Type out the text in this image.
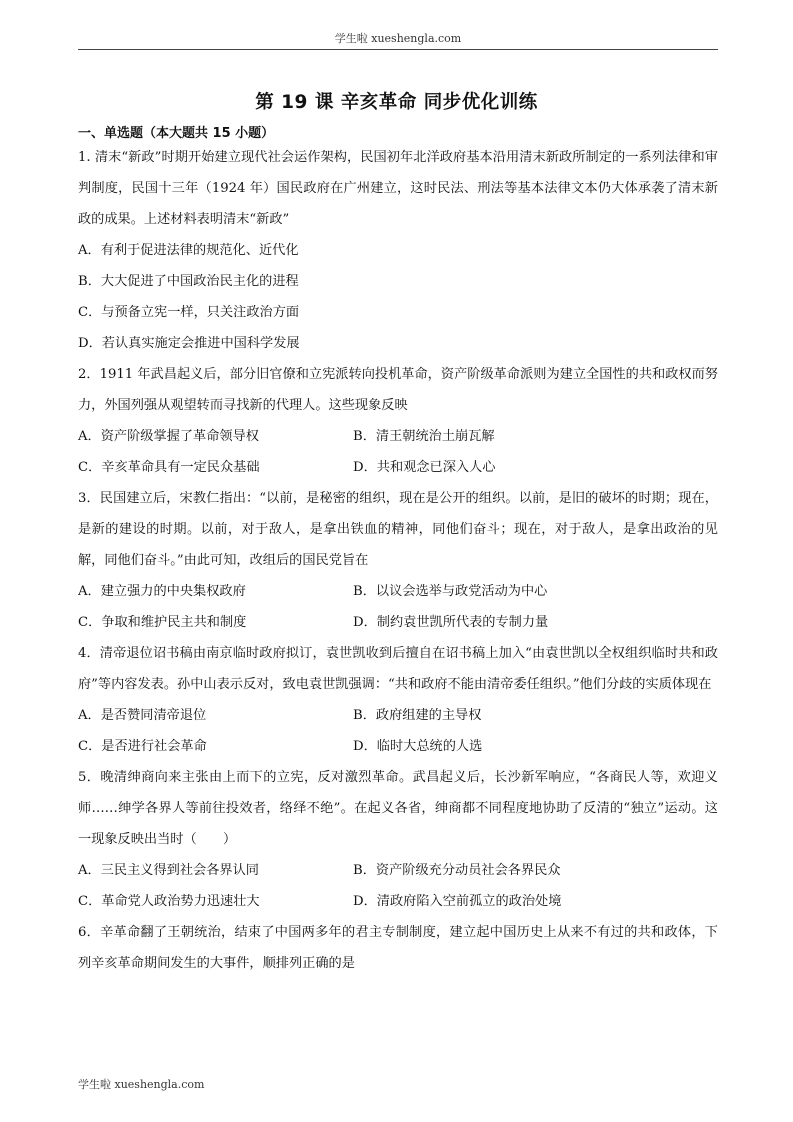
学生啦 xueshengla.com
第 19 课 辛亥革命 同步优化训练
一、单选题（本大题共 15 小题）
1. 清末“新政”时期开始建立现代社会运作架构，民国初年北洋政府基本沿用清末新政所制定的一系列法律和审判制度，民国十三年（1924 年）国民政府在广州建立，这时民法、刑法等基本法律文本仍大体承袭了清末新政的成果。上述材料表明清末“新政”
A．有利于促进法律的规范化、近代化
B．大大促进了中国政治民主化的进程
C．与预备立宪一样，只关注政治方面
D．若认真实施定会推进中国科学发展
2．1911 年武昌起义后，部分旧官僚和立宪派转向投机革命，资产阶级革命派则为建立全国性的共和政权而努力，外国列强从观望转而寻找新的代理人。这些现象反映
A．资产阶级掌握了革命领导权	B．清王朝统治土崩瓦解
C．辛亥革命具有一定民众基础	D．共和观念已深入人心
3．民国建立后，宋教仁指出：“以前，是秘密的组织，现在是公开的组织。以前，是旧的破坏的时期；现在，是新的建设的时期。以前，对于敌人，是拿出铁血的精神，同他们奋斗；现在，对于敌人，是拿出政治的见解，同他们奋斗。”由此可知，改组后的国民党旨在
A．建立强力的中央集权政府	B．以议会选举与政党活动为中心
C．争取和维护民主共和制度	D．制约袁世凯所代表的专制力量
4．清帝退位诏书稿由南京临时政府拟订，袁世凯收到后擅自在诏书稿上加入“由袁世凯以全权组织临时共和政府”等内容发表。孙中山表示反对，致电袁世凯强调：“共和政府不能由清帝委任组织。”他们分歧的实质体现在
A．是否赞同清帝退位	B．政府组建的主导权
C．是否进行社会革命	D．临时大总统的人选
5．晚清绅商向来主张由上而下的立宪，反对激烈革命。武昌起义后，长沙新军响应，“各商民人等，欢迎义师……绅学各界人等前往投效者，络绎不绝”。在起义各省，绅商都不同程度地协助了反清的“独立”运动。这一现象反映出当时（　　）
A．三民主义得到社会各界认同	B．资产阶级充分动员社会各界民众
C．革命党人政治势力迅速壮大	D．清政府陷入空前孤立的政治处境
6．辛革命翻了王朝统治，结束了中国两多年的君主专制制度，建立起中国历史上从来不有过的共和政体，下列辛亥革命期间发生的大事件，顺排列正确的是
学生啦 xueshengla.com
